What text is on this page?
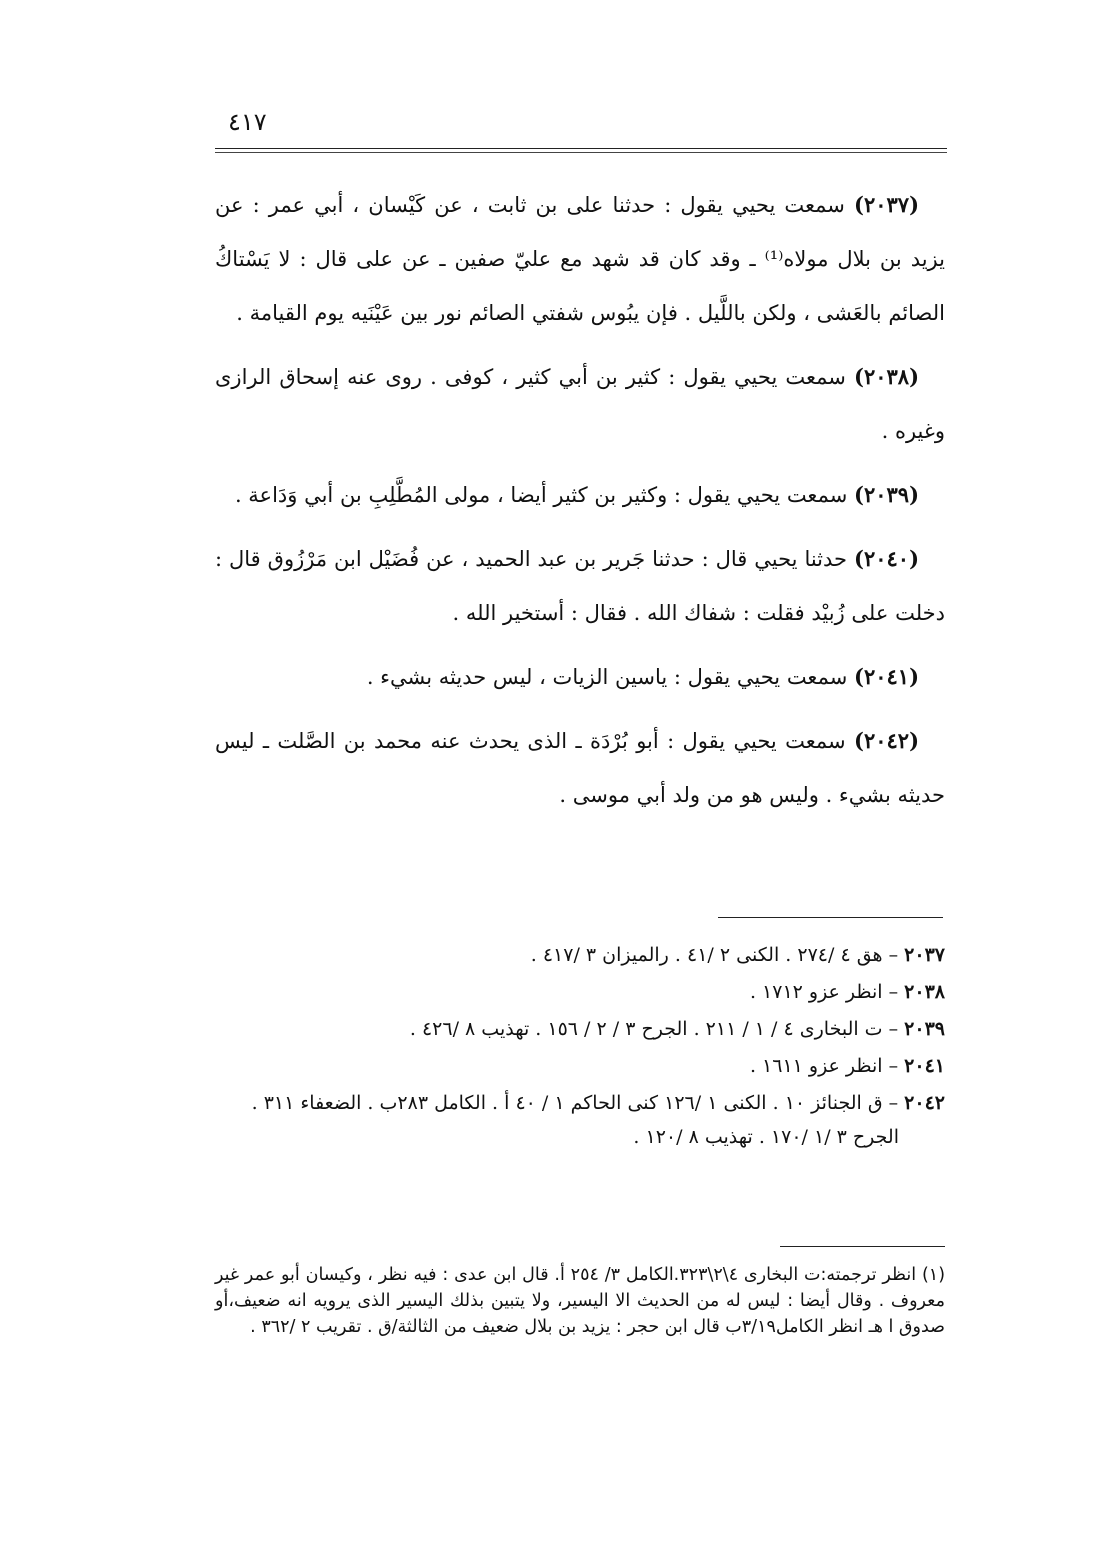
٤١٧

(٢٠٣٧) سمعت يحيي يقول : حدثنا على بن ثابت ، عن كَيْسان ، أبي عمر : عن يزيد بن بلال مولاه⁽¹⁾ ـ وقد كان قد شهد مع عليّ صفين ـ عن على قال : لا يَسْتاكُ الصائم بالعَشى ، ولكن باللَّيل . فإن يبُوس شفتي الصائم نور بين عَيْنَيه يوم القيامة .

(٢٠٣٨) سمعت يحيي يقول : كثير بن أبي كثير ، كوفى . روى عنه إسحاق الرازى وغيره .

(٢٠٣٩) سمعت يحيي يقول : وكثير بن كثير أيضا ، مولى المُطَّلِبِ بن أبي وَدَاعة .

(٢٠٤٠) حدثنا يحيي قال : حدثنا جَرير بن عبد الحميد ، عن فُضَيْل ابن مَرْزُوق قال : دخلت على زُبيْد فقلت : شفاك الله . فقال : أستخير الله .

(٢٠٤١) سمعت يحيي يقول : ياسين الزيات ، ليس حديثه بشيء .

(٢٠٤٢) سمعت يحيي يقول : أبو بُرْدَة ـ الذى يحدث عنه محمد بن الصَّلت ـ ليس حديثه بشيء . وليس هو من ولد أبي موسى .

٢٠٣٧ – هق ٤ /٢٧٤ . الكنى ٢ /٤١ . رالميزان ٣ /٤١٧ .

٢٠٣٨ – انظر عزو ١٧١٢ .

٢٠٣٩ – ت البخارى ٤ / ١ / ٢١١ . الجرح ٣ / ٢ / ١٥٦ . تهذيب ٨ /٤٢٦ .

٢٠٤١ – انظر عزو ١٦١١ .

٢٠٤٢ – ق الجنائز ١٠ . الكنى ١ /١٢٦ كنى الحاكم ١ / ٤٠ أ . الكامل ٢٨٣ب . الضعفاء ٣١١ . الجرح ٣ /١ /١٧٠ . تهذيب ٨ /١٢٠ .

(١) انظر ترجمته:ت البخارى ٤\٢\٣٢٣.الكامل ٣/ ٢٥٤ أ. قال ابن عدى : فيه نظر ، وكيسان أبو عمر غير معروف . وقال أيضا : ليس له من الحديث الا اليسير، ولا يتبين بذلك اليسير الذى يرويه انه ضعيف،أو صدوق ا هـ انظر الكامل٣/١٩ب قال ابن حجر : يزيد بن بلال ضعيف من الثالثة/ق . تقريب ٢ /٣٦٢ .
